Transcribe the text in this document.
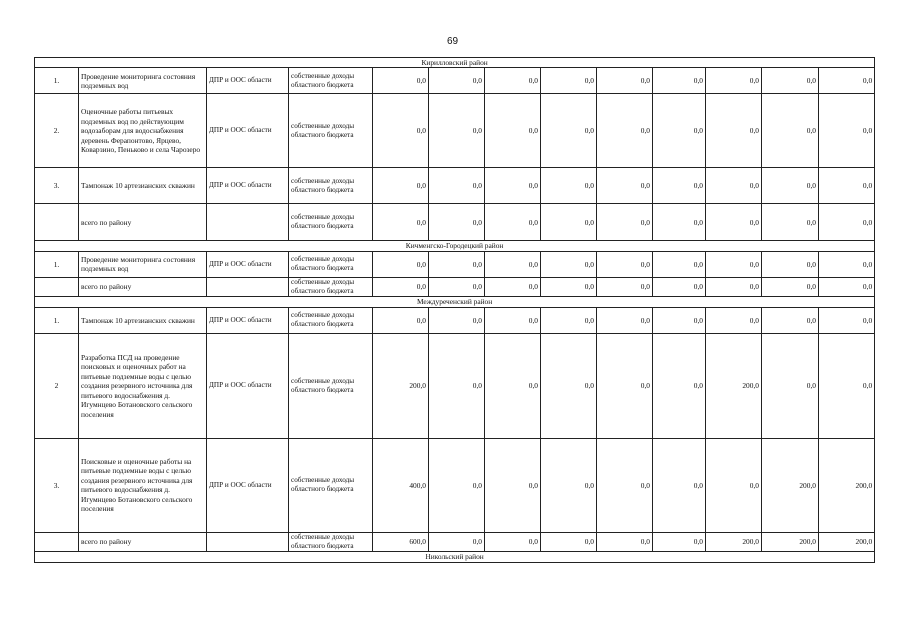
69
Кирилловский район												
1.	Проведение мониторинга состояния подземных вод	ДПР и ООС области	собственные доходы областного бюджета	0,0	0,0	0,0	0,0	0,0	0,0	0,0	0,0	0,0
2.	Оценочные работы питьевых подземных вод по действующим водозаборам для водоснабжения деревень Ферапонтово, Ярцево, Коварзино, Пеньково и села Чарозеро	ДПР и ООС области	собственные доходы областного бюджета	0,0	0,0	0,0	0,0	0,0	0,0	0,0	0,0	0,0
3.	Тампонаж 10 артезианских скважин	ДПР и ООС области	собственные доходы областного бюджета	0,0	0,0	0,0	0,0	0,0	0,0	0,0	0,0	0,0
	всего по району		собственные доходы областного бюджета	0,0	0,0	0,0	0,0	0,0	0,0	0,0	0,0	0,0
Кичменгско-Городецкий район												
1.	Проведение мониторинга состояния подземных вод	ДПР и ООС области	собственные доходы областного бюджета	0,0	0,0	0,0	0,0	0,0	0,0	0,0	0,0	0,0
	всего по району		собственные доходы областного бюджета	0,0	0,0	0,0	0,0	0,0	0,0	0,0	0,0	0,0
Междуреченский район												
1.	Тампонаж 10 артезианских скважин	ДПР и ООС области	собственные доходы областного бюджета	0,0	0,0	0,0	0,0	0,0	0,0	0,0	0,0	0,0
2	Разработка ПСД на проведение поисковых и оценочных работ на питьевые подземные воды с целью создания резервного источника для питьевого водоснабжения д. Игумнцево Ботановского сельского поселения	ДПР и ООС области	собственные доходы областного бюджета	200,0	0,0	0,0	0,0	0,0	0,0	200,0	0,0	0,0
3.	Поисковые и оценочные работы на питьевые подземные воды с целью создания резервного источника для питьевого водоснабжения д. Игумнцево Ботановского сельского поселения	ДПР и ООС области	собственные доходы областного бюджета	400,0	0,0	0,0	0,0	0,0	0,0	0,0	200,0	200,0
	всего по району		собственные доходы областного бюджета	600,0	0,0	0,0	0,0	0,0	0,0	200,0	200,0	200,0
Никольский район												
